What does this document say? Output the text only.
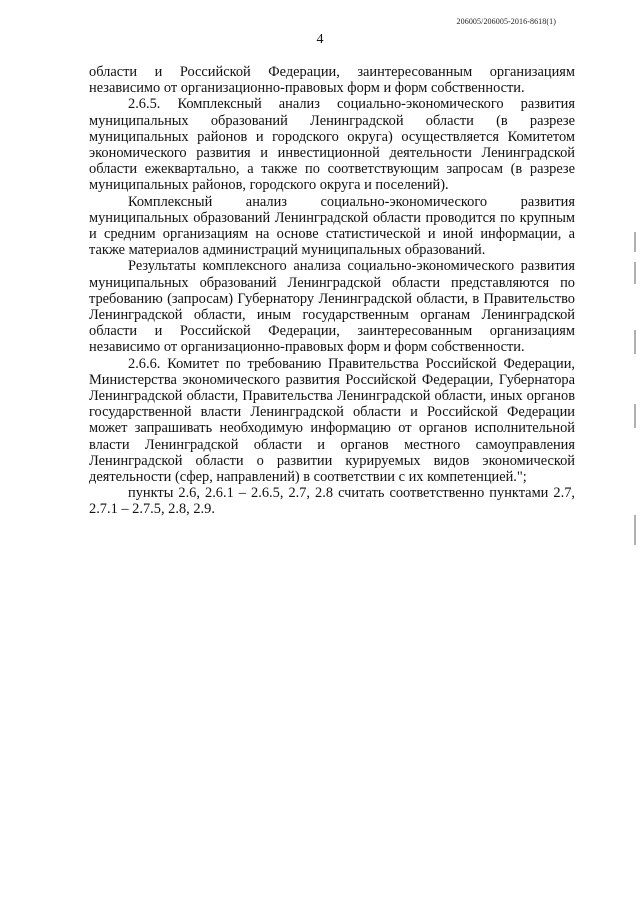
206005/206005-2016-8618(1)
4

области и Российской Федерации, заинтересованным организациям независимо от организационно-правовых форм и форм собственности.

2.6.5. Комплексный анализ социально-экономического развития муниципальных образований Ленинградской области (в разрезе муниципальных районов и городского округа) осуществляется Комитетом экономического развития и инвестиционной деятельности Ленинградской области ежеквартально, а также по соответствующим запросам (в разрезе муниципальных районов, городского округа и поселений).

Комплексный анализ социально-экономического развития муниципальных образований Ленинградской области проводится по крупным и средним организациям на основе статистической и иной информации, а также материалов администраций муниципальных образований.

Результаты комплексного анализа социально-экономического развития муниципальных образований Ленинградской области представляются по требованию (запросам) Губернатору Ленинградской области, в Правительство Ленинградской области, иным государственным органам Ленинградской области и Российской Федерации, заинтересованным организациям независимо от организационно-правовых форм и форм собственности.

2.6.6. Комитет по требованию Правительства Российской Федерации, Министерства экономического развития Российской Федерации, Губернатора Ленинградской области, Правительства Ленинградской области, иных органов государственной власти Ленинградской области и Российской Федерации может запрашивать необходимую информацию от органов исполнительной власти Ленинградской области и органов местного самоуправления Ленинградской области о развитии курируемых видов экономической деятельности (сфер, направлений) в соответствии с их компетенцией.";

пункты 2.6, 2.6.1 – 2.6.5, 2.7, 2.8 считать соответственно пунктами 2.7, 2.7.1 – 2.7.5, 2.8, 2.9.
